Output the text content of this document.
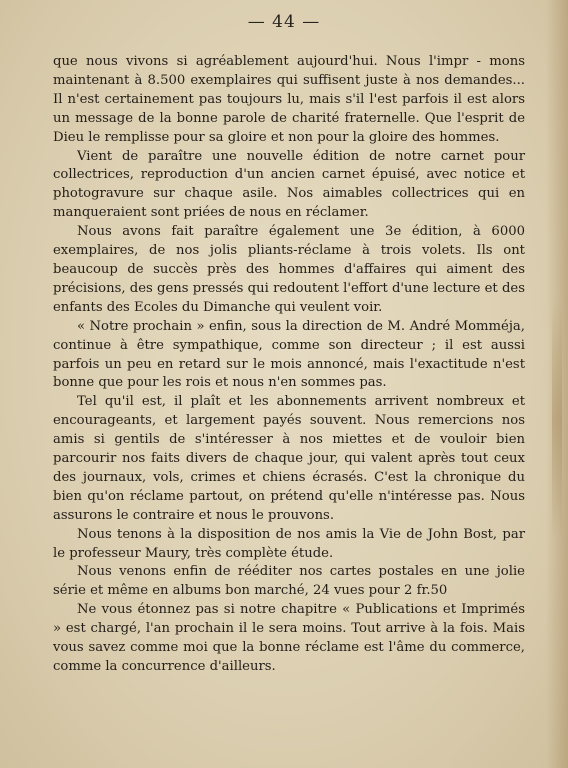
— 44 —

que nous vivons si agréablement aujourd'hui. Nous l'impr - mons maintenant à 8.500 exemplaires qui suffisent juste à nos demandes... Il n'est certainement pas toujours lu, mais s'il l'est parfois il est alors un message de la bonne parole de charité fraternelle. Que l'esprit de Dieu le remplisse pour sa gloire et non pour la gloire des hommes.

Vient de paraître une nouvelle édition de notre carnet pour collectrices, reproduction d'un ancien carnet épuisé, avec notice et photogravure sur chaque asile. Nos aimables collectrices qui en manqueraient sont priées de nous en réclamer.

Nous avons fait paraître également une 3e édition, à 6000 exemplaires, de nos jolis pliants-réclame à trois volets. Ils ont beaucoup de succès près des hommes d'affaires qui aiment des précisions, des gens pressés qui redoutent l'effort d'une lecture et des enfants des Ecoles du Dimanche qui veulent voir.

« Notre prochain » enfin, sous la direction de M. André Momméja, continue à être sympathique, comme son directeur ; il est aussi parfois un peu en retard sur le mois annoncé, mais l'exactitude n'est bonne que pour les rois et nous n'en sommes pas.

Tel qu'il est, il plaît et les abonnements arrivent nombreux et encourageants, et largement payés souvent. Nous remercions nos amis si gentils de s'intéresser à nos miettes et de vouloir bien parcourir nos faits divers de chaque jour, qui valent après tout ceux des journaux, vols, crimes et chiens écrasés. C'est la chronique du bien qu'on réclame partout, on prétend qu'elle n'intéresse pas. Nous assurons le contraire et nous le prouvons.

Nous tenons à la disposition de nos amis la Vie de John Bost, par le professeur Maury, très complète étude.

Nous venons enfin de rééditer nos cartes postales en une jolie série et même en albums bon marché, 24 vues pour 2 fr.50

Ne vous étonnez pas si notre chapitre « Publications et Imprimés » est chargé, l'an prochain il le sera moins. Tout arrive à la fois. Mais vous savez comme moi que la bonne réclame est l'âme du commerce, comme la concurrence d'ailleurs.
